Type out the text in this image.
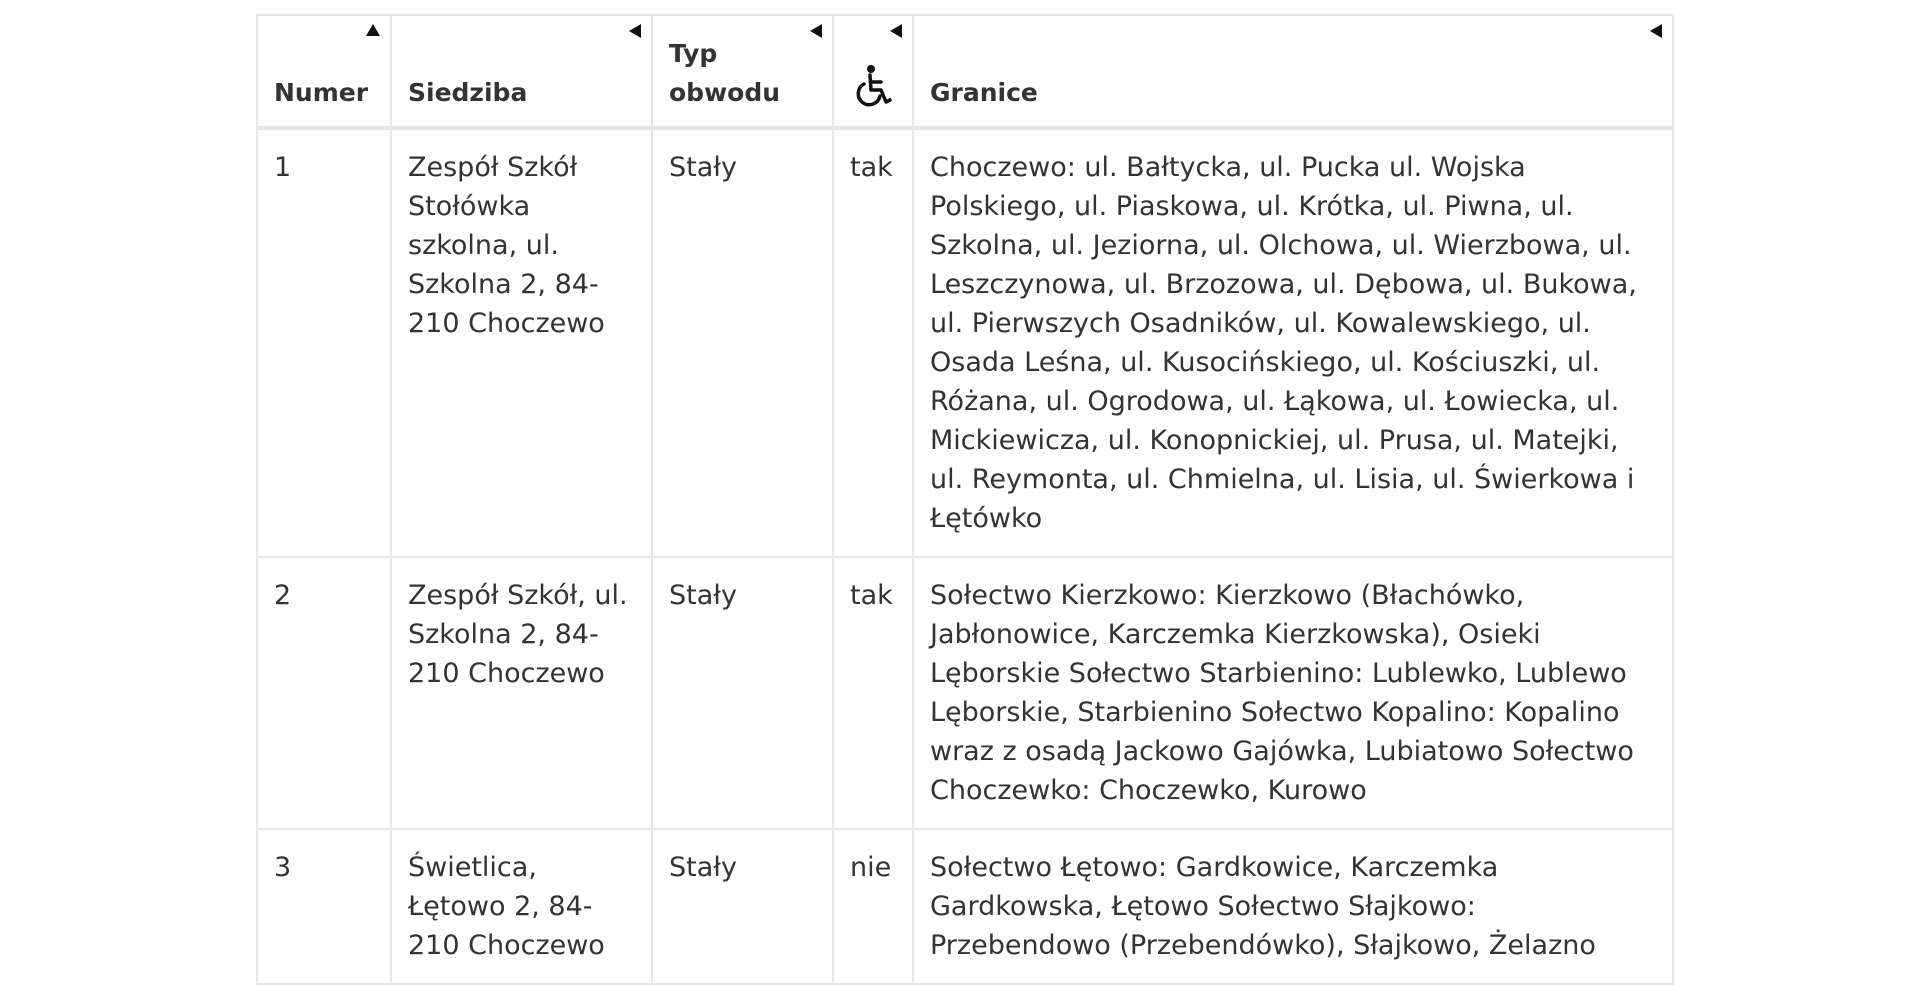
Numer	Siedziba	Typ obwodu		Granice
1	Zespół Szkół Stołówka szkolna, ul. Szkolna 2, 84-210 Choczewo	Stały	tak	Choczewo: ul. Bałtycka, ul. Pucka ul. Wojska Polskiego, ul. Piaskowa, ul. Krótka, ul. Piwna, ul. Szkolna, ul. Jeziorna, ul. Olchowa, ul. Wierzbowa, ul. Leszczynowa, ul. Brzozowa, ul. Dębowa, ul. Bukowa, ul. Pierwszych Osadników, ul. Kowalewskiego, ul. Osada Leśna, ul. Kusocińskiego, ul. Kościuszki, ul. Różana, ul. Ogrodowa, ul. Łąkowa, ul. Łowiecka, ul. Mickiewicza, ul. Konopnickiej, ul. Prusa, ul. Matejki, ul. Reymonta, ul. Chmielna, ul. Lisia, ul. Świerkowa i Łętówko
2	Zespół Szkół, ul. Szkolna 2, 84-210 Choczewo	Stały	tak	Sołectwo Kierzkowo: Kierzkowo (Błachówko, Jabłonowice, Karczemka Kierzkowska), Osieki Lęborskie Sołectwo Starbienino: Lublewko, Lublewo Lęborskie, Starbienino Sołectwo Kopalino: Kopalino wraz z osadą Jackowo Gajówka, Lubiatowo Sołectwo Choczewko: Choczewko, Kurowo
3	Świetlica, Łętowo 2, 84-210 Choczewo	Stały	nie	Sołectwo Łętowo: Gardkowice, Karczemka Gardkowska, Łętowo Sołectwo Słajkowo: Przebendowo (Przebendówko), Słajkowo, Żelazno
